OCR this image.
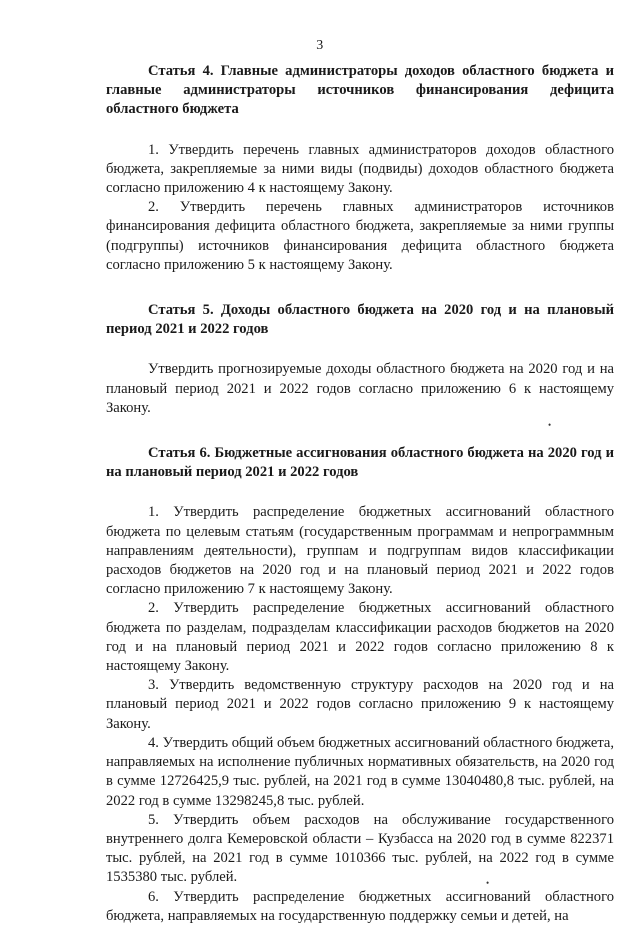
3

Статья 4. Главные администраторы доходов областного бюджета и главные администраторы источников финансирования дефицита областного бюджета

1. Утвердить перечень главных администраторов доходов областного бюджета, закрепляемые за ними виды (подвиды) доходов областного бюджета согласно приложению 4 к настоящему Закону.

2. Утвердить перечень главных администраторов источников финансирования дефицита областного бюджета, закрепляемые за ними группы (подгруппы) источников финансирования дефицита областного бюджета согласно приложению 5 к настоящему Закону.

Статья 5. Доходы областного бюджета на 2020 год и на плановый период 2021 и 2022 годов

Утвердить прогнозируемые доходы областного бюджета на 2020 год и на плановый период 2021 и 2022 годов согласно приложению 6 к настоящему Закону.

Статья 6. Бюджетные ассигнования областного бюджета на 2020 год и на плановый период 2021 и 2022 годов

1. Утвердить распределение бюджетных ассигнований областного бюджета по целевым статьям (государственным программам и непрограммным направлениям деятельности), группам и подгруппам видов классификации расходов бюджетов на 2020 год и на плановый период 2021 и 2022 годов согласно приложению 7 к настоящему Закону.

2. Утвердить распределение бюджетных ассигнований областного бюджета по разделам, подразделам классификации расходов бюджетов на 2020 год и на плановый период 2021 и 2022 годов согласно приложению 8 к настоящему Закону.

3. Утвердить ведомственную структуру расходов на 2020 год и на плановый период 2021 и 2022 годов согласно приложению 9 к настоящему Закону.

4. Утвердить общий объем бюджетных ассигнований областного бюджета, направляемых на исполнение публичных нормативных обязательств, на 2020 год в сумме 12726425,9 тыс. рублей, на 2021 год в сумме 13040480,8 тыс. рублей, на 2022 год в сумме 13298245,8 тыс. рублей.

5. Утвердить объем расходов на обслуживание государственного внутреннего долга Кемеровской области – Кузбасса на 2020 год в сумме 822371 тыс. рублей, на 2021 год в сумме 1010366 тыс. рублей, на 2022 год в сумме 1535380 тыс. рублей.

6. Утвердить распределение бюджетных ассигнований областного бюджета, направляемых на государственную поддержку семьи и детей, на

•
•
